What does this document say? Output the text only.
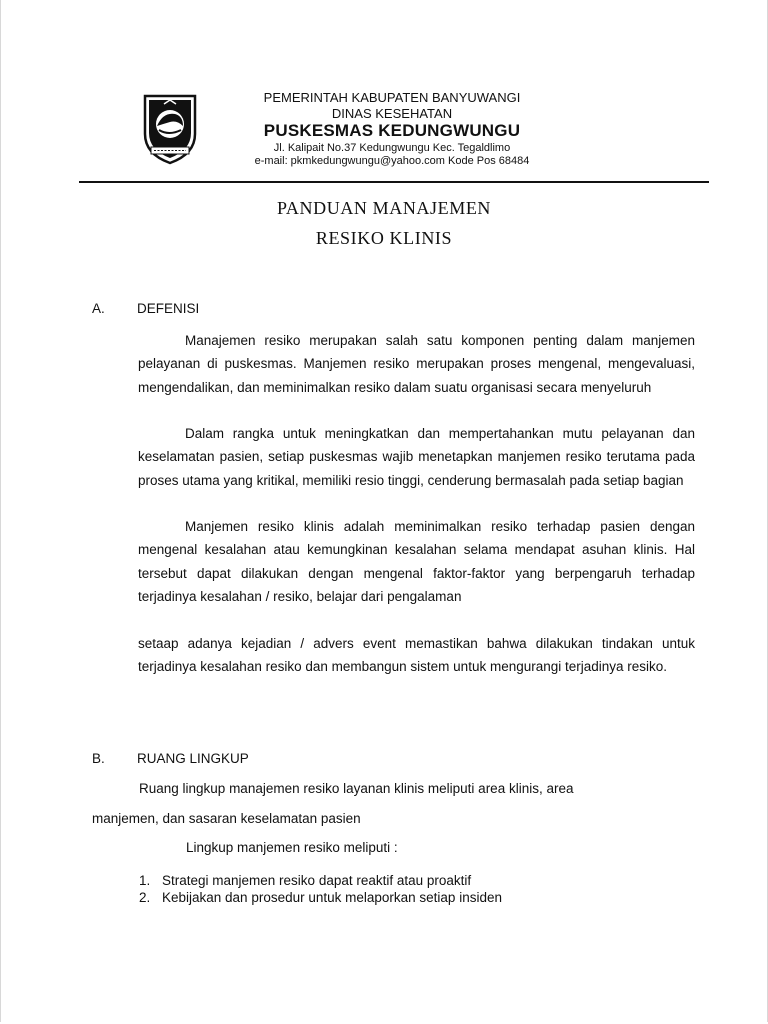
PEMERINTAH KABUPATEN BANYUWANGI
DINAS KESEHATAN
PUSKESMAS KEDUNGWUNGU
Jl. Kalipait No.37 Kedungwungu Kec. Tegaldlimo
e-mail: pkmkedungwungu@yahoo.com Kode Pos 68484
PANDUAN MANAJEMEN
RESIKO KLINIS
A. DEFENISI
Manajemen resiko merupakan salah satu komponen penting dalam manjemen pelayanan di puskesmas. Manjemen resiko merupakan proses mengenal, mengevaluasi, mengendalikan, dan meminimalkan resiko dalam suatu organisasi secara menyeluruh
Dalam rangka untuk meningkatkan dan mempertahankan mutu pelayanan dan keselamatan pasien, setiap puskesmas wajib menetapkan manjemen resiko terutama pada proses utama yang kritikal, memiliki resio tinggi, cenderung bermasalah pada setiap bagian
Manjemen resiko klinis adalah meminimalkan resiko terhadap pasien dengan mengenal kesalahan atau kemungkinan kesalahan selama mendapat asuhan klinis. Hal tersebut dapat dilakukan dengan mengenal faktor-faktor yang berpengaruh terhadap terjadinya kesalahan / resiko, belajar dari pengalaman
setaap adanya kejadian / advers event memastikan bahwa dilakukan tindakan untuk terjadinya kesalahan resiko dan membangun sistem untuk mengurangi terjadinya resiko.
B. RUANG LINGKUP
Ruang lingkup manajemen resiko layanan klinis meliputi area klinis, area
manjemen, dan sasaran keselamatan pasien
Lingkup manjemen resiko meliputi :
1. Strategi manjemen resiko dapat reaktif atau proaktif
2. Kebijakan dan prosedur untuk melaporkan setiap insiden
